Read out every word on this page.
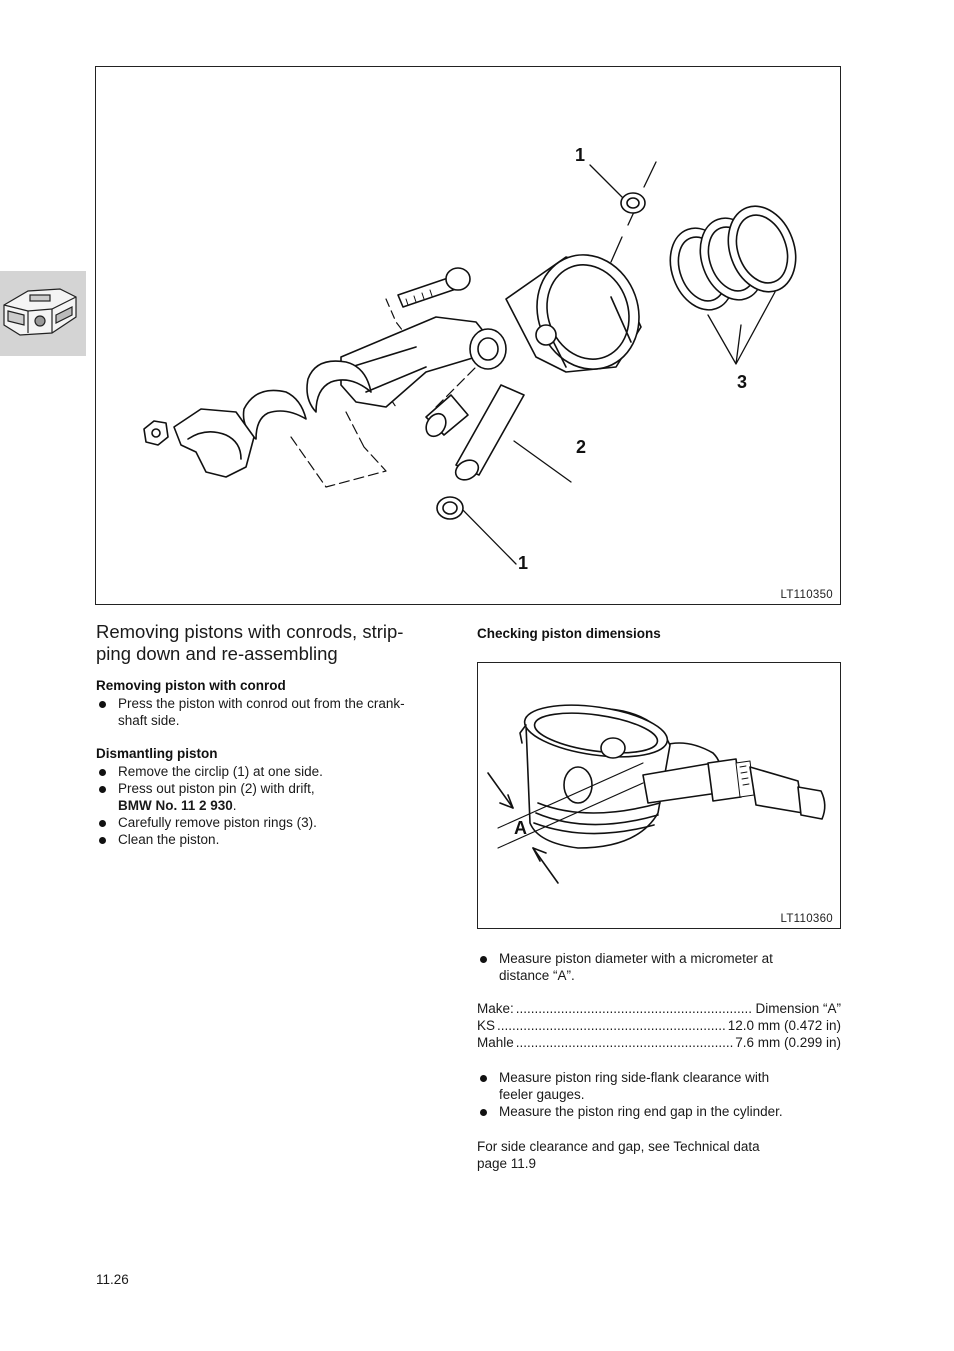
1
3
2
1
LT110350
Removing pistons with conrods, strip-
ping down and re-assembling
Removing piston with conrod
Press the piston with conrod out from the crank-
shaft side.
Dismantling piston
Remove the circlip (1) at one side.
Press out piston pin (2) with drift,
BMW No. 11 2 930.
Carefully remove piston rings (3).
Clean the piston.
Checking piston dimensions
A
LT110360
Measure piston diameter with a micrometer at
distance “A”.
Make: .....	Dimension “A”
KS .....	12.0 mm (0.472 in)
Mahle .....	7.6 mm (0.299 in)
Measure piston ring side-flank clearance with
feeler gauges.
Measure the piston ring end gap in the cylinder.
For side clearance and gap, see Technical data
page 11.9
11.26
